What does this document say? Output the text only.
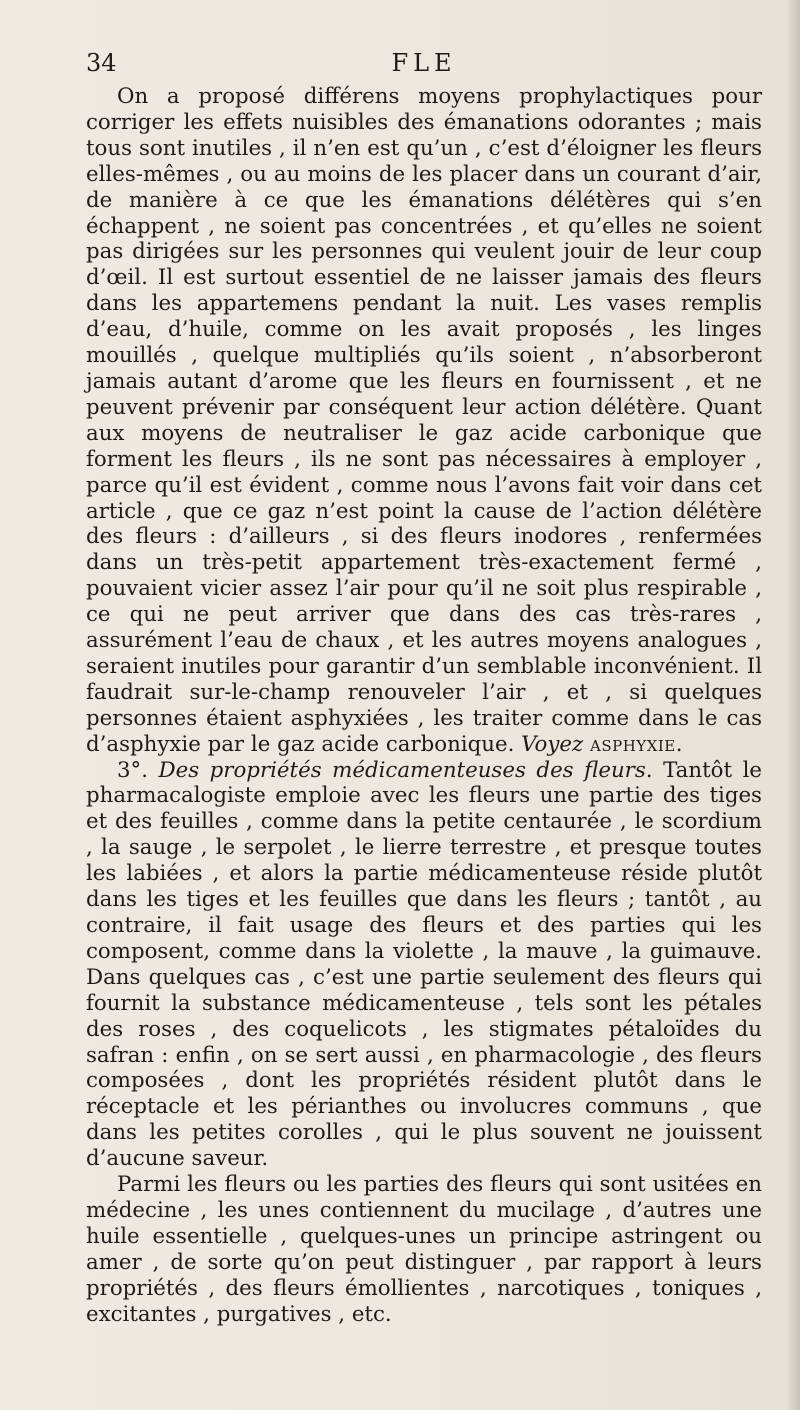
34	FLE

On a proposé différens moyens prophylactiques pour corriger les effets nuisibles des émanations odorantes ; mais tous sont inutiles , il n’en est qu’un , c’est d’éloigner les fleurs elles-mêmes , ou au moins de les placer dans un courant d’air, de manière à ce que les émanations délétères qui s’en échappent , ne soient pas concentrées , et qu’elles ne soient pas dirigées sur les personnes qui veulent jouir de leur coup d’œil. Il est surtout essentiel de ne laisser jamais des fleurs dans les appartemens pendant la nuit. Les vases remplis d’eau, d’huile, comme on les avait proposés , les linges mouillés , quelque multipliés qu’ils soient , n’absorberont jamais autant d’arome que les fleurs en fournissent , et ne peuvent prévenir par conséquent leur action délétère. Quant aux moyens de neutraliser le gaz acide carbonique que forment les fleurs , ils ne sont pas nécessaires à employer , parce qu’il est évident , comme nous l’avons fait voir dans cet article , que ce gaz n’est point la cause de l’action délétère des fleurs : d’ailleurs , si des fleurs inodores , renfermées dans un très-petit appartement très-exactement fermé , pouvaient vicier assez l’air pour qu’il ne soit plus respirable , ce qui ne peut arriver que dans des cas très-rares , assurément l’eau de chaux , et les autres moyens analogues , seraient inutiles pour garantir d’un semblable inconvénient. Il faudrait sur-le-champ renouveler l’air , et , si quelques personnes étaient asphyxiées , les traiter comme dans le cas d’asphyxie par le gaz acide carbonique. Voyez asphyxie.

3°. Des propriétés médicamenteuses des fleurs. Tantôt le pharmacalogiste emploie avec les fleurs une partie des tiges et des feuilles , comme dans la petite centaurée , le scordium , la sauge , le serpolet , le lierre terrestre , et presque toutes les labiées , et alors la partie médicamenteuse réside plutôt dans les tiges et les feuilles que dans les fleurs ; tantôt , au contraire, il fait usage des fleurs et des parties qui les composent, comme dans la violette , la mauve , la guimauve. Dans quelques cas , c’est une partie seulement des fleurs qui fournit la substance médicamenteuse , tels sont les pétales des roses , des coquelicots , les stigmates pétaloïdes du safran : enfin , on se sert aussi , en pharmacologie , des fleurs composées , dont les propriétés résident plutôt dans le réceptacle et les périanthes ou involucres communs , que dans les petites corolles , qui le plus souvent ne jouissent d’aucune saveur.

Parmi les fleurs ou les parties des fleurs qui sont usitées en médecine , les unes contiennent du mucilage , d’autres une huile essentielle , quelques-unes un principe astringent ou amer , de sorte qu’on peut distinguer , par rapport à leurs propriétés , des fleurs émollientes , narcotiques , toniques , excitantes , purgatives , etc.
